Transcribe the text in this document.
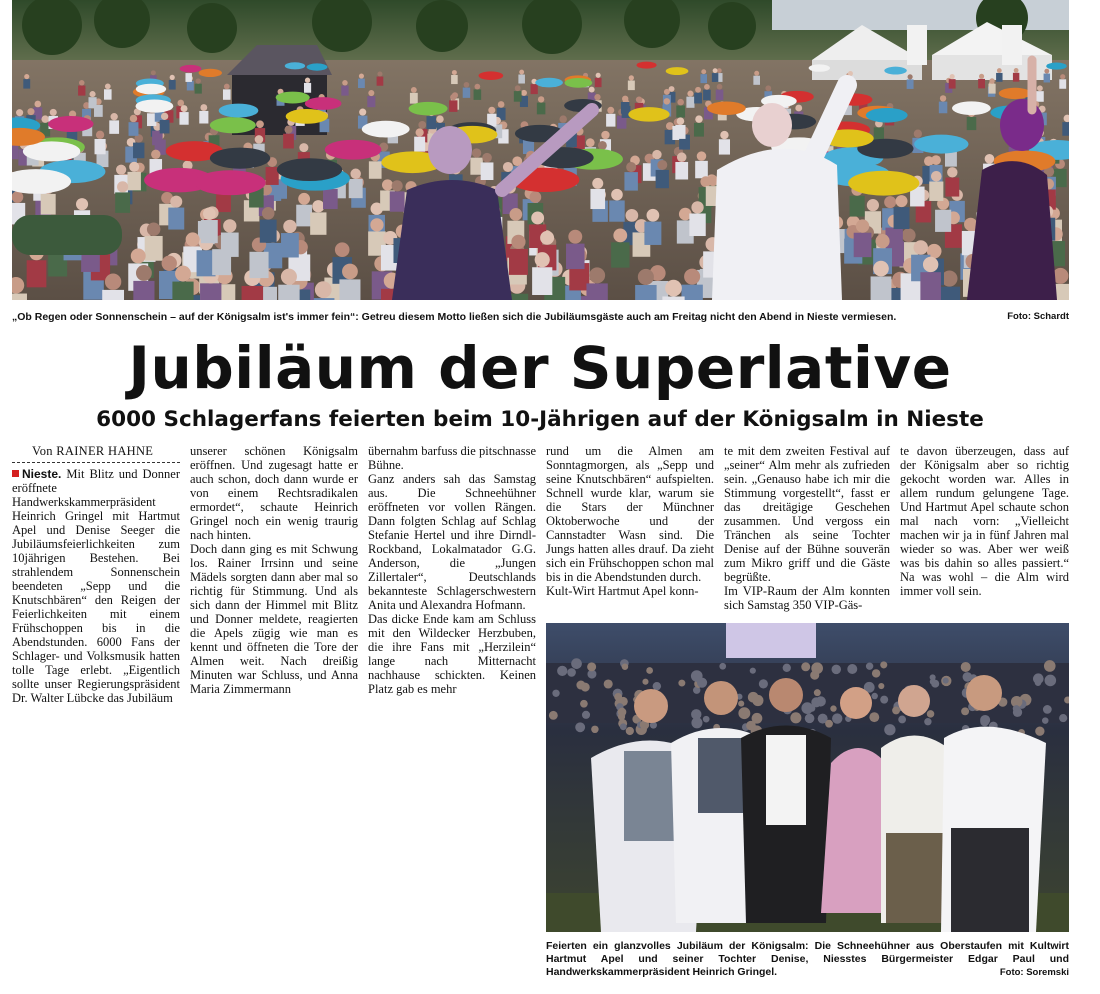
„Ob Regen oder Sonnenschein – auf der Königsalm ist's immer fein“: Getreu diesem Motto ließen sich die Jubiläumsgäste auch am Freitag nicht den Abend in Nieste vermiesen.	Foto: Schardt
Jubiläum der Superlative
6000 Schlagerfans feierten beim 10-Jährigen auf der Königsalm in Nieste

Von RAINER HAHNE

Nieste. Mit Blitz und Donner eröffnete Handwerkskammerpräsident Heinrich Gringel mit Hartmut Apel und Denise Seeger die Jubiläumsfeierlichkeiten zum 10jährigen Bestehen. Bei strahlendem Sonnenschein beendeten „Sepp und die Knutschbären“ den Reigen der Feierlichkeiten mit einem Frühschoppen bis in die Abendstunden. 6000 Fans der Schlager- und Volksmusik hatten tolle Tage erlebt. „Eigentlich sollte unser Regierungspräsident Dr. Walter Lübcke das Jubiläum

unserer schönen Königsalm eröffnen. Und zugesagt hatte er auch schon, doch dann wurde er von einem Rechtsradikalen ermordet“, schaute Heinrich Gringel noch ein wenig traurig nach hinten.

Doch dann ging es mit Schwung los. Rainer Irrsinn und seine Mädels sorgten dann aber mal so richtig für Stimmung. Und als sich dann der Himmel mit Blitz und Donner meldete, reagierten die Apels zügig wie man es kennt und öffneten die Tore der Almen weit. Nach dreißig Minuten war Schluss, und Anna Maria Zimmermann

übernahm barfuss die pitschnasse Bühne.

Ganz anders sah das Samstag aus. Die Schneehühner eröffneten vor vollen Rängen. Dann folgten Schlag auf Schlag Stefanie Hertel und ihre Dirndl-Rockband, Lokalmatador G.G. Anderson, die „Jungen Zillertaler“, Deutschlands bekannteste Schlagerschwestern Anita und Alexandra Hofmann.

Das dicke Ende kam am Schluss mit den Wildecker Herzbuben, die ihre Fans mit „Herzilein“ lange nach Mitternacht nachhause schickten. Keinen Platz gab es mehr

rund um die Almen am Sonntagmorgen, als „Sepp und seine Knutschbären“ aufspielten. Schnell wurde klar, warum sie die Stars der Münchner Oktoberwoche und der Cannstadter Wasn sind. Die Jungs hatten alles drauf. Da zieht sich ein Frühschoppen schon mal bis in die Abendstunden durch.

Kult-Wirt Hartmut Apel konn-

te mit dem zweiten Festival auf „seiner“ Alm mehr als zufrieden sein. „Genauso habe ich mir die Stimmung vorgestellt“, fasst er das dreitägige Geschehen zusammen. Und vergoss ein Tränchen als seine Tochter Denise auf der Bühne souverän zum Mikro griff und die Gäste begrüßte.

Im VIP-Raum der Alm konnten sich Samstag 350 VIP-Gäs-

te davon überzeugen, dass auf der Königsalm aber so richtig gekocht worden war. Alles in allem rundum gelungene Tage. Und Hartmut Apel schaute schon mal nach vorn: „Vielleicht machen wir ja in fünf Jahren mal wieder so was. Aber wer weiß was bis dahin so alles passiert.“ Na was wohl – die Alm wird immer voll sein.

Feierten ein glanzvolles Jubiläum der Königsalm: Die Schneehühner aus Oberstaufen mit Kultwirt Hartmut Apel und seiner Tochter Denise, Niesstes Bürgermeister Edgar Paul und Handwerkskammerpräsident Heinrich Gringel.	Foto: Soremski
